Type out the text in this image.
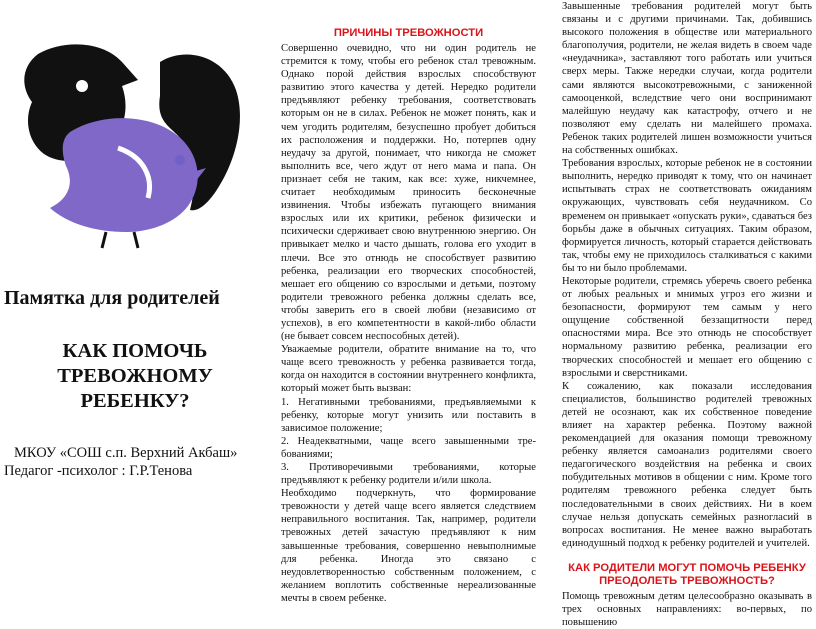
Памятка для родителей
КАК ПОМОЧЬ
ТРЕВОЖНОМУ
РЕБЕНКУ?
МКОУ «СОШ с.п. Верхний Акбаш»
Педагог -психолог : Г.Р.Тенова
ПРИЧИНЫ ТРЕВОЖНОСТИ

Совершенно очевидно, что ни один родитель не стремится к тому, чтобы его ребенок стал тревожным. Однако порой действия взрослых способствуют развитию этого качества у детей. Нередко родители предъявляют ребенку требования, соответствовать которым он не в силах. Ребенок не может понять, как и чем угодить родителям, безуспешно пробует добиться их расположения и поддержки. Но, потерпев одну неудачу за другой, понимает, что никогда не сможет выполнить все, чего ждут от него мама и папа. Он признает себя не таким, как все: хуже, никчемнее, считает необходимым приносить бесконечные извинения. Чтобы избежать пугающего внимания взрослых или их критики, ребенок физически и психически сдерживает свою внутреннюю энергию. Он привыкает мелко и часто дышать, голова его уходит в плечи. Все это отнюдь не способствует развитию ребенка, реализации его творческих способностей, мешает его общению со взрослыми и детьми, поэтому родители тревожного ребенка должны сделать все, чтобы заверить его в своей любви (независимо от успехов), в его компетентности в какой-либо области (не бывает совсем неспособных детей).

Уважаемые родители, обратите внимание на то, что чаще всего тревожность у ребенка развивается тогда, когда он находится в состоянии внутреннего конфликта, который может быть вызван:

1. Негативными требованиями, предъявляемыми к ребенку, которые могут унизить или поставить в зависимое положение;

2. Неадекватными, чаще всего завышенными тре-бованиями;

3. Противоречивыми требованиями, которые предъявляют к ребенку родители и/или школа.

Необходимо подчеркнуть, что формирование тревожности у детей чаще всего является следствием неправильного воспитания. Так, например, родители тревожных детей зачастую предъявляют к ним завышенные требования, совершенно невыполнимые для ребенка. Иногда это связано с неудовлетворенностью собственным положением, с желанием воплотить собственные нереализованные мечты в своем ребенке.

Завышенные требования родителей могут быть связаны и с другими причинами. Так, добившись высокого положения в обществе или материального благополучия, родители, не желая видеть в своем чаде «неудачника», заставляют того работать или учиться сверх меры. Также нередки случаи, когда родители сами являются высокотревожными, с заниженной самооценкой, вследствие чего они воспринимают малейшую неудачу как катастрофу, отчего и не позволяют ему сделать ни малейшего промаха. Ребенок таких родителей лишен возможности учиться на собственных ошибках.

Требования взрослых, которые ребенок не в состоянии выполнить, нередко приводят к тому, что он начинает испытывать страх не соответствовать ожиданиям окружающих, чувствовать себя неудачником. Со временем он привыкает «опускать руки», сдаваться без борьбы даже в обычных ситуациях. Таким образом, формируется личность, который старается действовать так, чтобы ему не приходилось сталкиваться с какими бы то ни было проблемами.

Некоторые родители, стремясь уберечь своего ребенка от любых реальных и мнимых угроз его жизни и безопасности, формируют тем самым у него ощущение собственной беззащитности перед опасностями мира. Все это отнюдь не способствует нормальному развитию ребенка, реализации его творческих способностей и мешает его общению с взрослыми и сверстниками.

К сожалению, как показали исследования специалистов, большинство родителей тревожных детей не осознают, как их собственное поведение влияет на характер ребенка. Поэтому важной рекомендацией для оказания помощи тревожному ребенку является самоанализ родителями своего педагогического воздействия на ребенка и своих побудительных мотивов в общении с ним. Кроме того родителям тревожного ребенка следует быть последовательными в своих действиях. Ни в коем случае нельзя допускать семейных разногласий в вопросах воспитания. Не менее важно выработать единодушный подход к ребенку родителей и учителей.

КАК РОДИТЕЛИ МОГУТ ПОМОЧЬ РЕБЕНКУ ПРЕОДОЛЕТЬ ТРЕВОЖНОСТЬ?

Помощь тревожным детям целесообразно оказывать в трех основных направлениях: во-первых, по повышению
